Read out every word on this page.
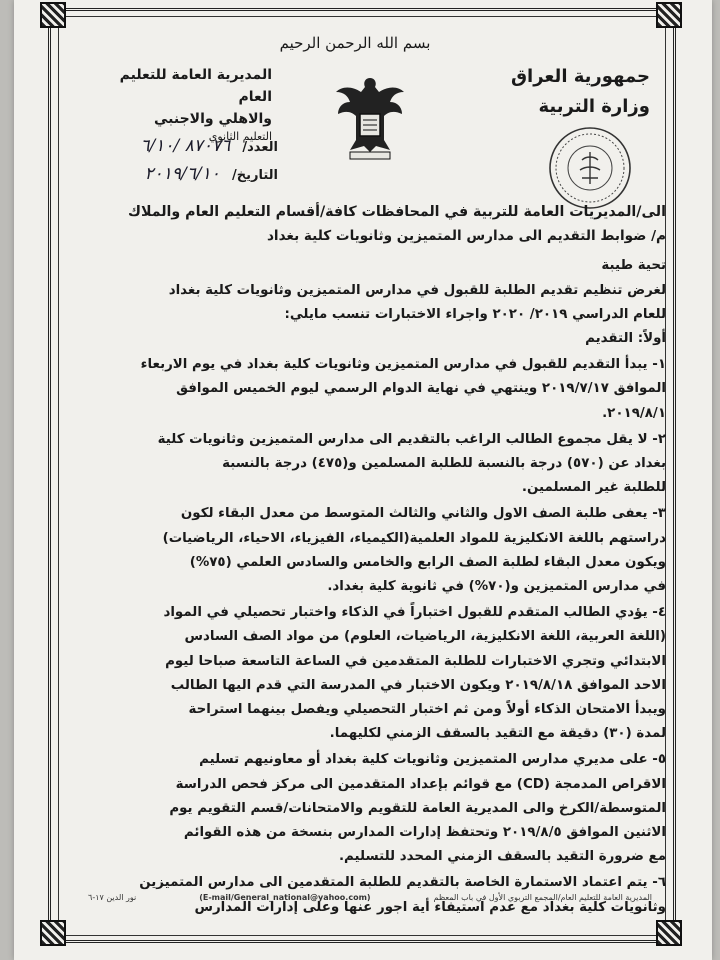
بسم الله الرحمن الرحيم
جمهورية العراق
وزارة التربية
المديرية العامة للتعليم العام
والاهلي والاجنبي
التعليم الثانوي
العدد/ ٨٧٠٧٦ /٦/١٠
التاريخ/ ٢٠١٩/٦/١٠
الى/المديريات العامة للتربية في المحافظات كافة/أقسام التعليم العام والملاك
م/ ضوابط التقديم الى مدارس المتميزين وثانويات كلية بغداد
تحية طيبة
لغرض تنظيم تقديم الطلبة للقبول في مدارس المتميزين وثانويات كلية بغداد
للعام الدراسي ٢٠١٩/ ٢٠٢٠ واجراء الاختبارات تنسب مايلي:
أولاً: التقديم
١- يبدأ التقديم للقبول في مدارس المتميزين وثانويات كلية بغداد في يوم الاربعاء
الموافق ٢٠١٩/٧/١٧ وينتهي في نهاية الدوام الرسمي ليوم الخميس الموافق
٢٠١٩/٨/١.
٢- لا يقل مجموع الطالب الراغب بالتقديم الى مدارس المتميزين وثانويات كلية
بغداد عن (٥٧٠) درجة بالنسبة للطلبة المسلمين و(٤٧٥) درجة بالنسبة
للطلبة غير المسلمين.
٣- يعفى طلبة الصف الاول والثاني والثالث المتوسط من معدل البقاء لكون
دراستهم باللغة الانكليزية للمواد العلمية(الكيمياء، الفيزياء، الاحياء، الرياضيات)
ويكون معدل البقاء لطلبة الصف الرابع والخامس والسادس العلمي (٧٥%)
في مدارس المتميزين و(٧٠%) في ثانوية كلية بغداد.
٤- يؤدي الطالب المتقدم للقبول اختباراً في الذكاء واختبار تحصيلي في المواد
(اللغة العربية، اللغة الانكليزية، الرياضيات، العلوم) من مواد الصف السادس
الابتدائي وتجري الاختبارات للطلبة المتقدمين في الساعة التاسعة صباحا ليوم
الاحد الموافق ٢٠١٩/٨/١٨ ويكون الاختبار في المدرسة التي قدم اليها الطالب
ويبدأ الامتحان الذكاء أولاً ومن ثم اختبار التحصيلي ويفصل بينهما استراحة
لمدة (٣٠) دقيقة مع التقيد بالسقف الزمني لكليهما.
٥- على مديري مدارس المتميزين وثانويات كلية بغداد أو معاونيهم تسليم
الاقراص المدمجة (CD) مع قوائم بإعداد المتقدمين الى مركز فحص الدراسة
المتوسطة/الكرخ والى المديرية العامة للتقويم والامتحانات/قسم التقويم يوم
الاثنين الموافق ٢٠١٩/٨/٥ وتحتفظ إدارات المدارس بنسخة من هذه القوائم
مع ضرورة التقيد بالسقف الزمني المحدد للتسليم.
٦- يتم اعتماد الاستمارة الخاصة بالتقديم للطلبة المتقدمين الى مدارس المتميزين
وثانويات كلية بغداد مع عدم استيفاء أية اجور عنها وعلى إدارات المدارس
المديرية العامة للتعليم العام/المجمع التربوي الأول في باب المعظم
(E-mail/General_national@yahoo.com)
نور الدين ١٧-٦
